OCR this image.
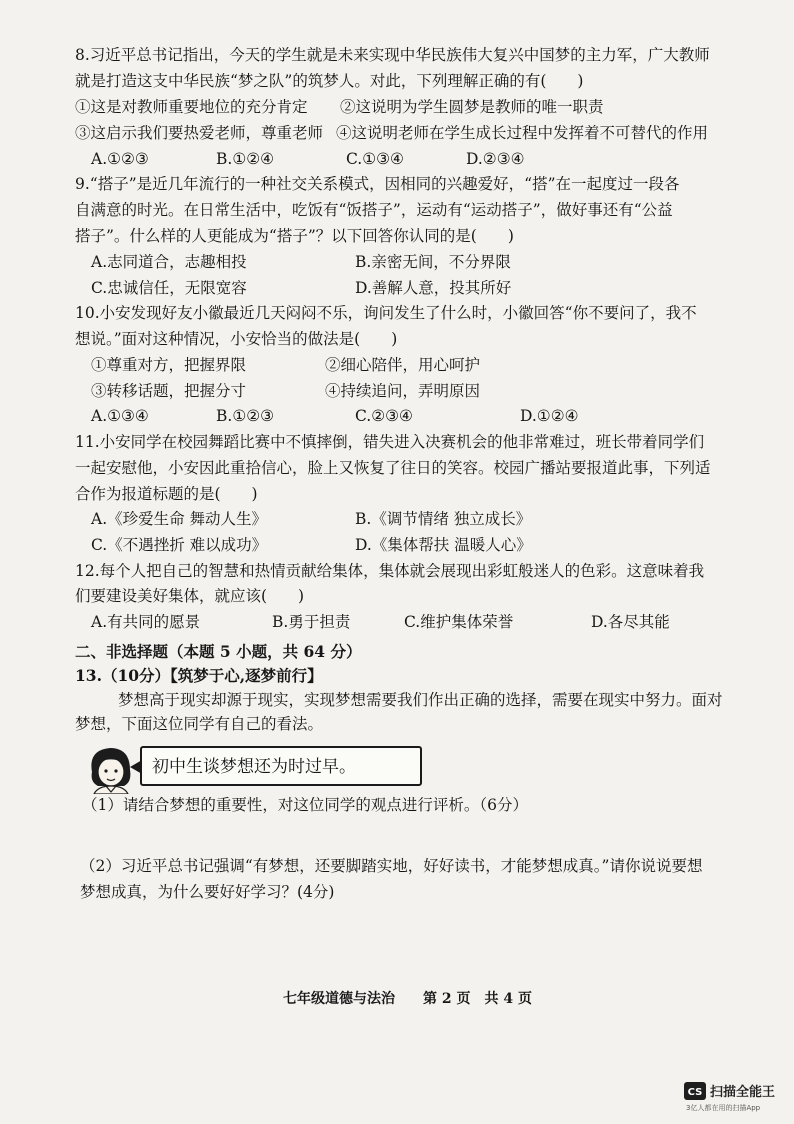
8.习近平总书记指出，今天的学生就是未来实现中华民族伟大复兴中国梦的主力军，广大教师
就是打造这支中华民族“梦之队”的筑梦人。对此，下列理解正确的有(　　)
①这是对教师重要地位的充分肯定 ②这说明为学生圆梦是教师的唯一职责
③这启示我们要热爱老师，尊重老师 ④这说明老师在学生成长过程中发挥着不可替代的作用
A.①②③	B.①②④	C.①③④	D.②③④
9.“搭子”是近几年流行的一种社交关系模式，因相同的兴趣爱好，“搭”在一起度过一段各
自满意的时光。在日常生活中，吃饭有“饭搭子”，运动有“运动搭子”，做好事还有“公益
搭子”。什么样的人更能成为“搭子”？以下回答你认同的是(　　)
A.志同道合，志趣相投	B.亲密无间，不分界限
C.忠诚信任，无限宽容	D.善解人意，投其所好
10.小安发现好友小徽最近几天闷闷不乐，询问发生了什么时，小徽回答“你不要问了，我不
想说。”面对这种情况，小安恰当的做法是(　　)
①尊重对方，把握界限	②细心陪伴，用心呵护
③转移话题，把握分寸	④持续追问，弄明原因
A.①③④	B.①②③	C.②③④	D.①②④
11.小安同学在校园舞蹈比赛中不慎摔倒，错失进入决赛机会的他非常难过，班长带着同学们
一起安慰他，小安因此重拾信心，脸上又恢复了往日的笑容。校园广播站要报道此事，下列适
合作为报道标题的是(　　)
A.《珍爱生命 舞动人生》	B.《调节情绪 独立成长》
C.《不遇挫折 难以成功》	D.《集体帮扶 温暖人心》
12.每个人把自己的智慧和热情贡献给集体，集体就会展现出彩虹般迷人的色彩。这意味着我
们要建设美好集体，就应该(　　)
A.有共同的愿景	B.勇于担责	C.维护集体荣誉	D.各尽其能
二、非选择题（本题 5 小题，共 64 分）
13.（10分）【筑梦于心,逐梦前行】
梦想高于现实却源于现实，实现梦想需要我们作出正确的选择，需要在现实中努力。面对
梦想，下面这位同学有自己的看法。
初中生谈梦想还为时过早。
（1）请结合梦想的重要性，对这位同学的观点进行评析。（6分）
（2）习近平总书记强调“有梦想，还要脚踏实地，好好读书，才能梦想成真。”请你说说要想
梦想成真，为什么要好好学习？(4分)
七年级道德与法治　　第 2 页　共 4 页
CS 扫描全能王
3亿人都在用的扫描App
